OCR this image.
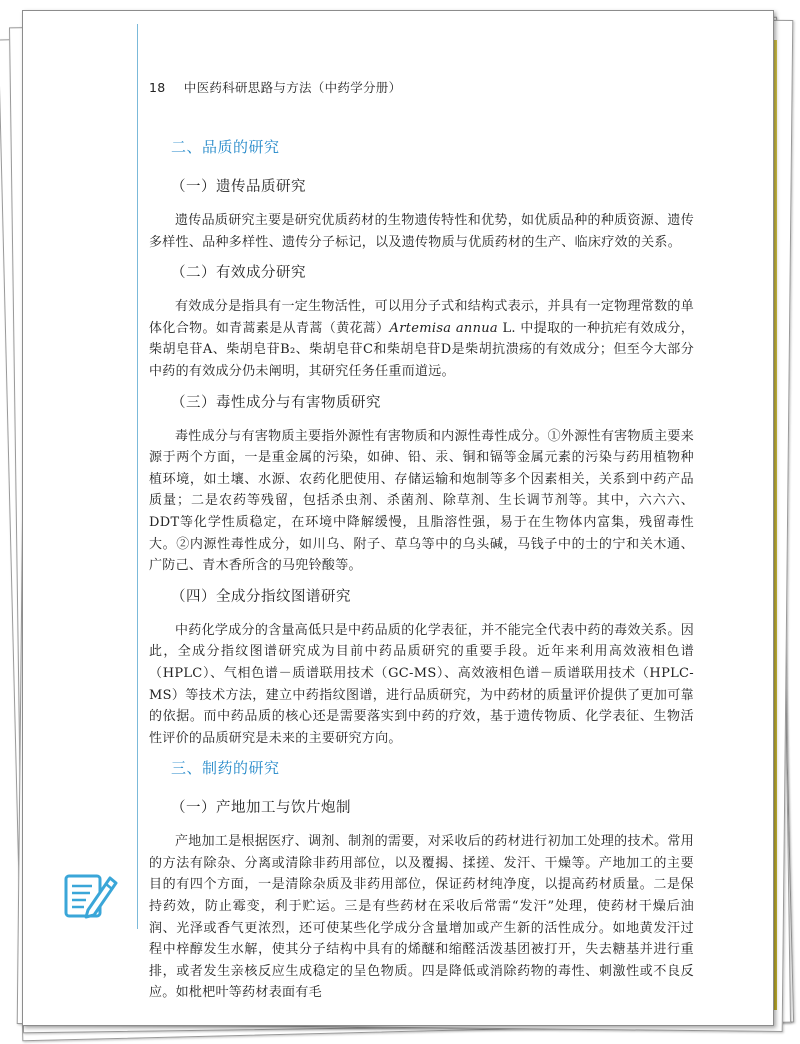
18 中医药科研思路与方法（中药学分册）
二、品质的研究
（一）遗传品质研究

遗传品质研究主要是研究优质药材的生物遗传特性和优势，如优质品种的种质资源、遗传多样性、品种多样性、遗传分子标记，以及遗传物质与优质药材的生产、临床疗效的关系。

（二）有效成分研究

有效成分是指具有一定生物活性，可以用分子式和结构式表示，并具有一定物理常数的单体化合物。如青蒿素是从青蒿（黄花蒿）Artemisa annua L. 中提取的一种抗疟有效成分，柴胡皂苷A、柴胡皂苷B₂、柴胡皂苷C和柴胡皂苷D是柴胡抗溃疡的有效成分；但至今大部分中药的有效成分仍未阐明，其研究任务任重而道远。

（三）毒性成分与有害物质研究

毒性成分与有害物质主要指外源性有害物质和内源性毒性成分。①外源性有害物质主要来源于两个方面，一是重金属的污染，如砷、铅、汞、铜和镉等金属元素的污染与药用植物种植环境，如土壤、水源、农药化肥使用、存储运输和炮制等多个因素相关，关系到中药产品质量；二是农药等残留，包括杀虫剂、杀菌剂、除草剂、生长调节剂等。其中，六六六、DDT等化学性质稳定，在环境中降解缓慢，且脂溶性强，易于在生物体内富集，残留毒性大。②内源性毒性成分，如川乌、附子、草乌等中的乌头碱，马钱子中的士的宁和关木通、广防己、青木香所含的马兜铃酸等。

（四）全成分指纹图谱研究

中药化学成分的含量高低只是中药品质的化学表征，并不能完全代表中药的毒效关系。因此，全成分指纹图谱研究成为目前中药品质研究的重要手段。近年来利用高效液相色谱（HPLC）、气相色谱－质谱联用技术（GC-MS）、高效液相色谱－质谱联用技术（HPLC-MS）等技术方法，建立中药指纹图谱，进行品质研究，为中药材的质量评价提供了更加可靠的依据。而中药品质的核心还是需要落实到中药的疗效，基于遗传物质、化学表征、生物活性评价的品质研究是未来的主要研究方向。

三、制药的研究
（一）产地加工与饮片炮制

产地加工是根据医疗、调剂、制剂的需要，对采收后的药材进行初加工处理的技术。常用的方法有除杂、分离或清除非药用部位，以及覆揭、揉搓、发汗、干燥等。产地加工的主要目的有四个方面，一是清除杂质及非药用部位，保证药材纯净度，以提高药材质量。二是保持药效，防止霉变，利于贮运。三是有些药材在采收后常需“发汗”处理，使药材干燥后油润、光泽或香气更浓烈，还可使某些化学成分含量增加或产生新的活性成分。如地黄发汗过程中梓醇发生水解，使其分子结构中具有的烯醚和缩醛活泼基团被打开，失去糖基并进行重排，或者发生亲核反应生成稳定的呈色物质。四是降低或消除药物的毒性、刺激性或不良反应。如枇杷叶等药材表面有毛
